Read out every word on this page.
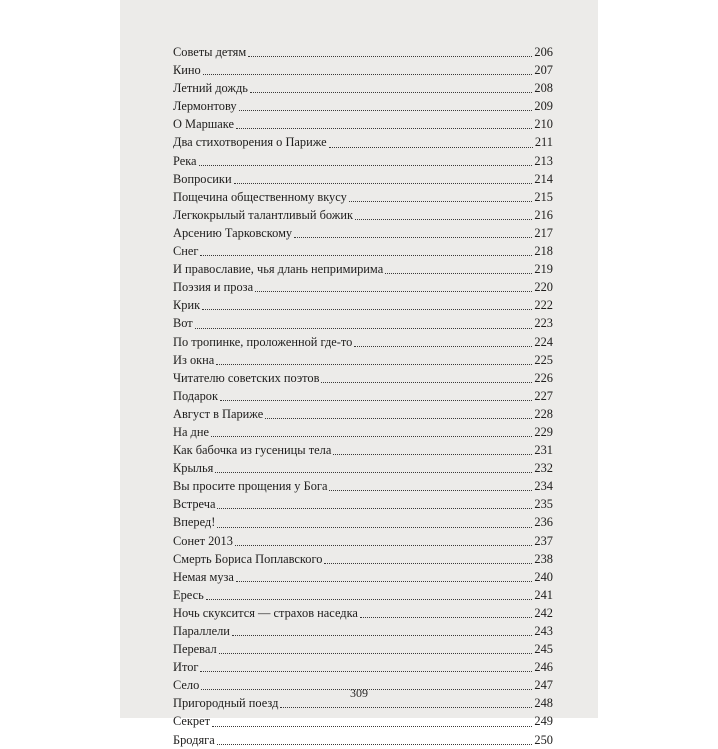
Советы детям	206
Кино	207
Летний дождь	208
Лермонтову	209
О Маршаке	210
Два стихотворения о Париже	211
Река	213
Вопросики	214
Пощечина общественному вкусу	215
Легкокрылый талантливый божик	216
Арсению Тарковскому	217
Снег	218
И православие, чья длань непримирима	219
Поэзия и проза	220
Крик	222
Вот	223
По тропинке, проложенной где-то	224
Из окна	225
Читателю советских поэтов	226
Подарок	227
Август в Париже	228
На дне	229
Как бабочка из гусеницы тела	231
Крылья	232
Вы просите прощения у Бога	234
Встреча	235
Вперед!	236
Сонет 2013	237
Смерть Бориса Поплавского	238
Немая муза	240
Ересь	241
Ночь скуксится — страхов наседка	242
Параллели	243
Перевал	245
Итог	246
Село	247
Пригородный поезд	248
Секрет	249
Бродяга	250
309
